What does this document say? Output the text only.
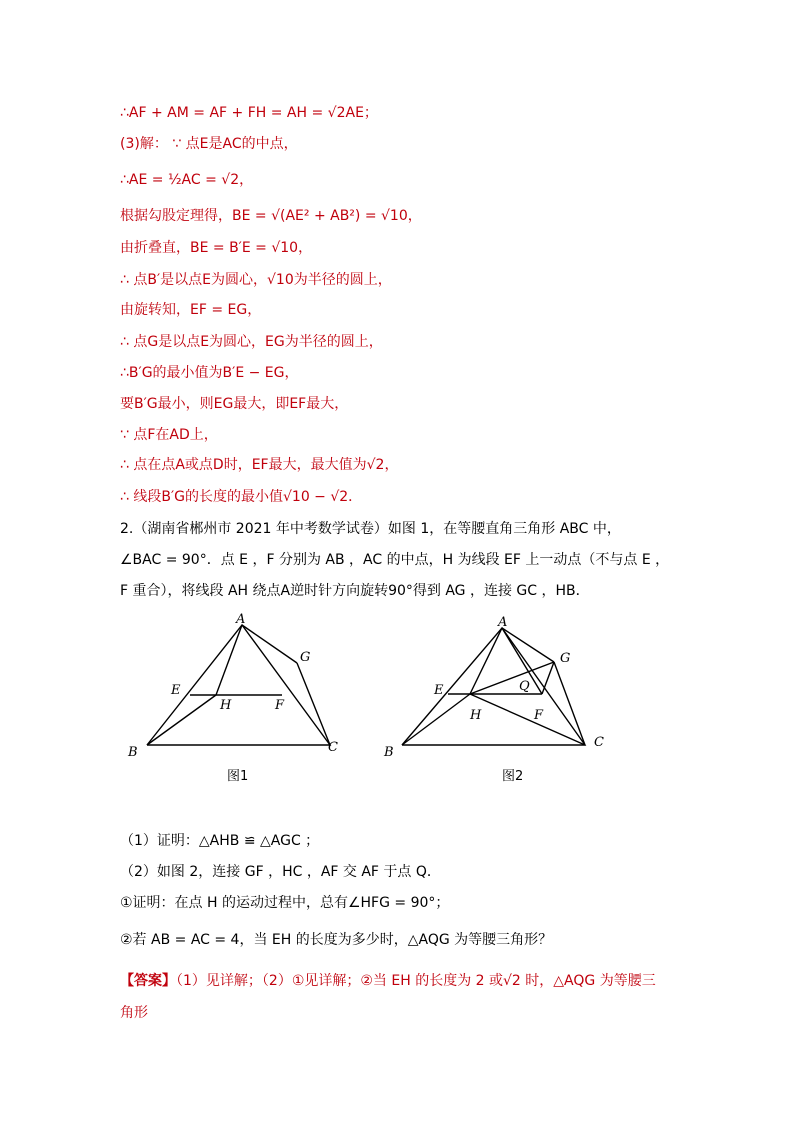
∴AF + AM = AF + FH = AH = √2AE；
(3)解： ∵ 点E是AC的中点，
∴AE = ½AC = √2，
根据勾股定理得，BE = √(AE² + AB²) = √10，
由折叠直，BE = B′E = √10，
∴ 点B′是以点E为圆心，√10为半径的圆上，
由旋转知，EF = EG，
∴ 点G是以点E为圆心，EG为半径的圆上，
∴B′G的最小值为B′E − EG，
要B′G最小，则EG最大，即EF最大，
∵ 点F在AD上，
∴ 点在点A或点D时，EF最大，最大值为√2，
∴ 线段B′G的长度的最小值√10 − √2．
2.（湖南省郴州市 2021 年中考数学试卷）如图 1，在等腰直角三角形 ABC 中，
∠BAC = 90°．点 E ，F 分别为 AB ，AC 的中点，H 为线段 EF 上一动点（不与点 E ，
F 重合），将线段 AH 绕点A逆时针方向旋转90°得到 AG ，连接 GC ，HB．
A
B	C
E
F
G
H
图1
A
B
C
E
F
G
H
Q
图2
（1）证明：△AHB ≌ △AGC ；
（2）如图 2，连接 GF ，HC ，AF 交 AF 于点 Q．
①证明：在点 H 的运动过程中，总有∠HFG = 90°；
②若 AB = AC = 4，当 EH 的长度为多少时，△AQG 为等腰三角形？
【答案】（1）见详解；（2）①见详解；②当 EH 的长度为 2 或√2 时，△AQG 为等腰三
角形
